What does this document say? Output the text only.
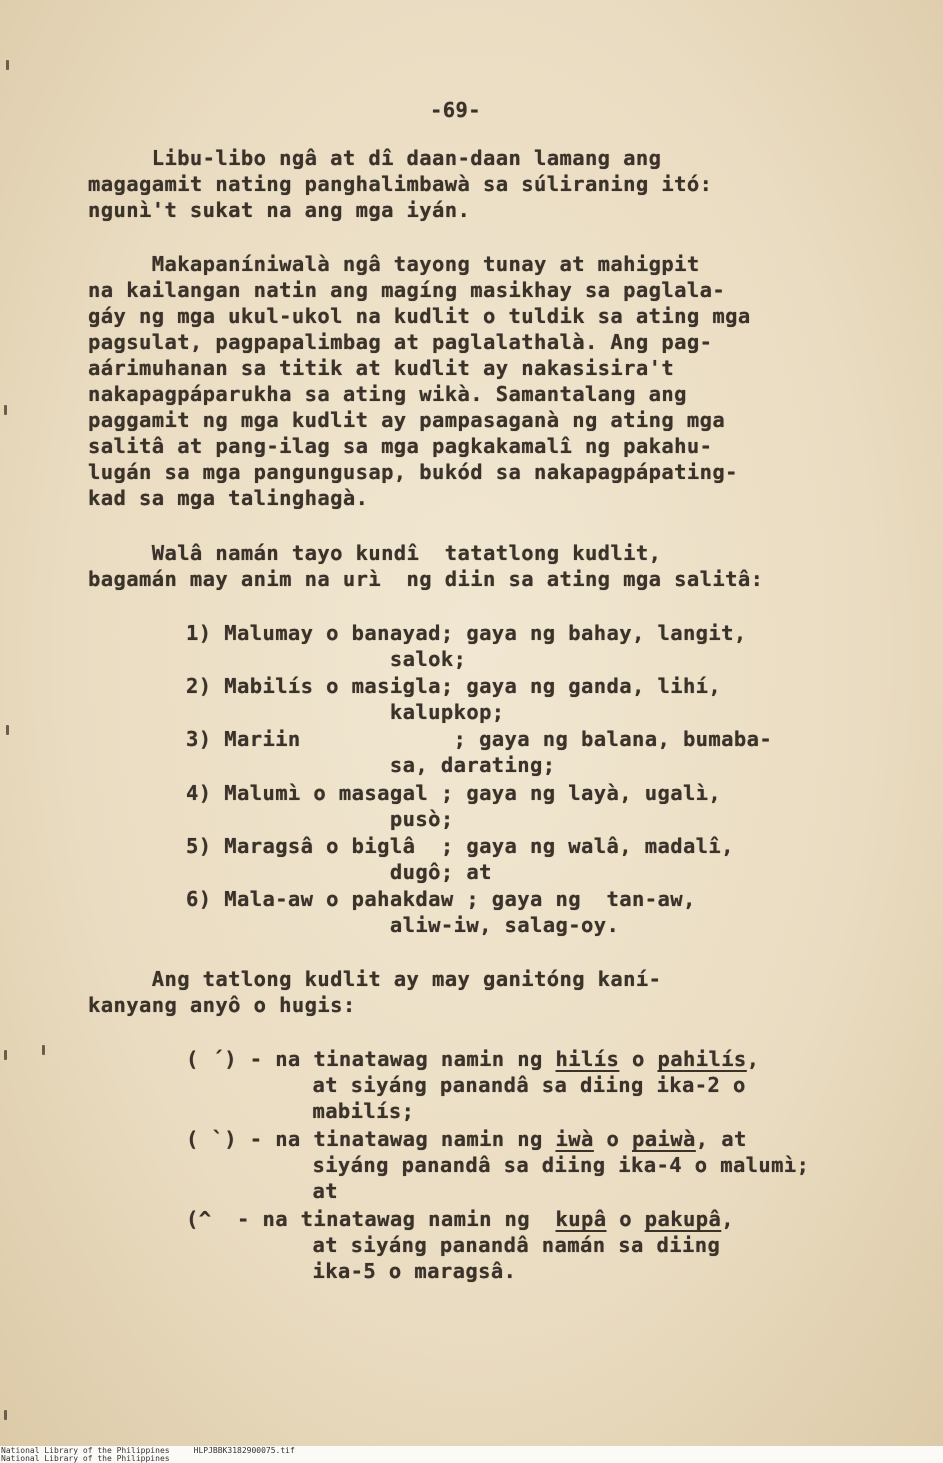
-69-
Libu-libo ngâ at dî daan-daan lamang ang
magagamit nating panghalimbawà sa súliraning itó:
ngunì't sukat na ang mga iyán.
Makapaníniwalà ngâ tayong tunay at mahigpit
na kailangan natin ang magíng masikhay sa paglala-
gáy ng mga ukul-ukol na kudlit o tuldik sa ating mga
pagsulat, pagpapalimbag at paglalathalà. Ang pag-
aárimuhanan sa titik at kudlit ay nakasisira't
nakapagpáparukha sa ating wikà. Samantalang ang
paggamit ng mga kudlit ay pampasaganà ng ating mga
salitâ at pang-ilag sa mga pagkakamalî ng pakahu-
lugán sa mga pangungusap, bukód sa nakapagpápating-
kad sa mga talinghagà.
Walâ namán tayo kundî  tatatlong kudlit,
bagamán may anim na urì  ng diin sa ating mga salitâ:
1) Malumay o banayad; gaya ng bahay, langit,
salok;
2) Mabilís o masigla; gaya ng ganda, lihí,
kalupkop;
3) Mariin            ; gaya ng balana, bumaba-
sa, darating;
4) Malumì o masagal ; gaya ng layà, ugalì,
pusò;
5) Maragsâ o biglâ  ; gaya ng walâ, madalî,
dugô; at
6) Mala-aw o pahakdaw ; gaya ng  tan-aw,
aliw-iw, salag-oy.
Ang tatlong kudlit ay may ganitóng kaní-
kanyang anyô o hugis:
( ´) - na tinatawag namin ng hilís o pahilís,
at siyáng panandâ sa diing ika-2 o
mabilís;
( `) - na tinatawag namin ng iwà o paiwà, at
siyáng panandâ sa diing ika-4 o malumì;
at
(^  - na tinatawag namin ng  kupâ o pakupâ,
at siyáng panandâ namán sa diing
ika-5 o maragsâ.
National Library of the Philippines     HLPJBBK3182900075.tif
National Library of the Philippines
